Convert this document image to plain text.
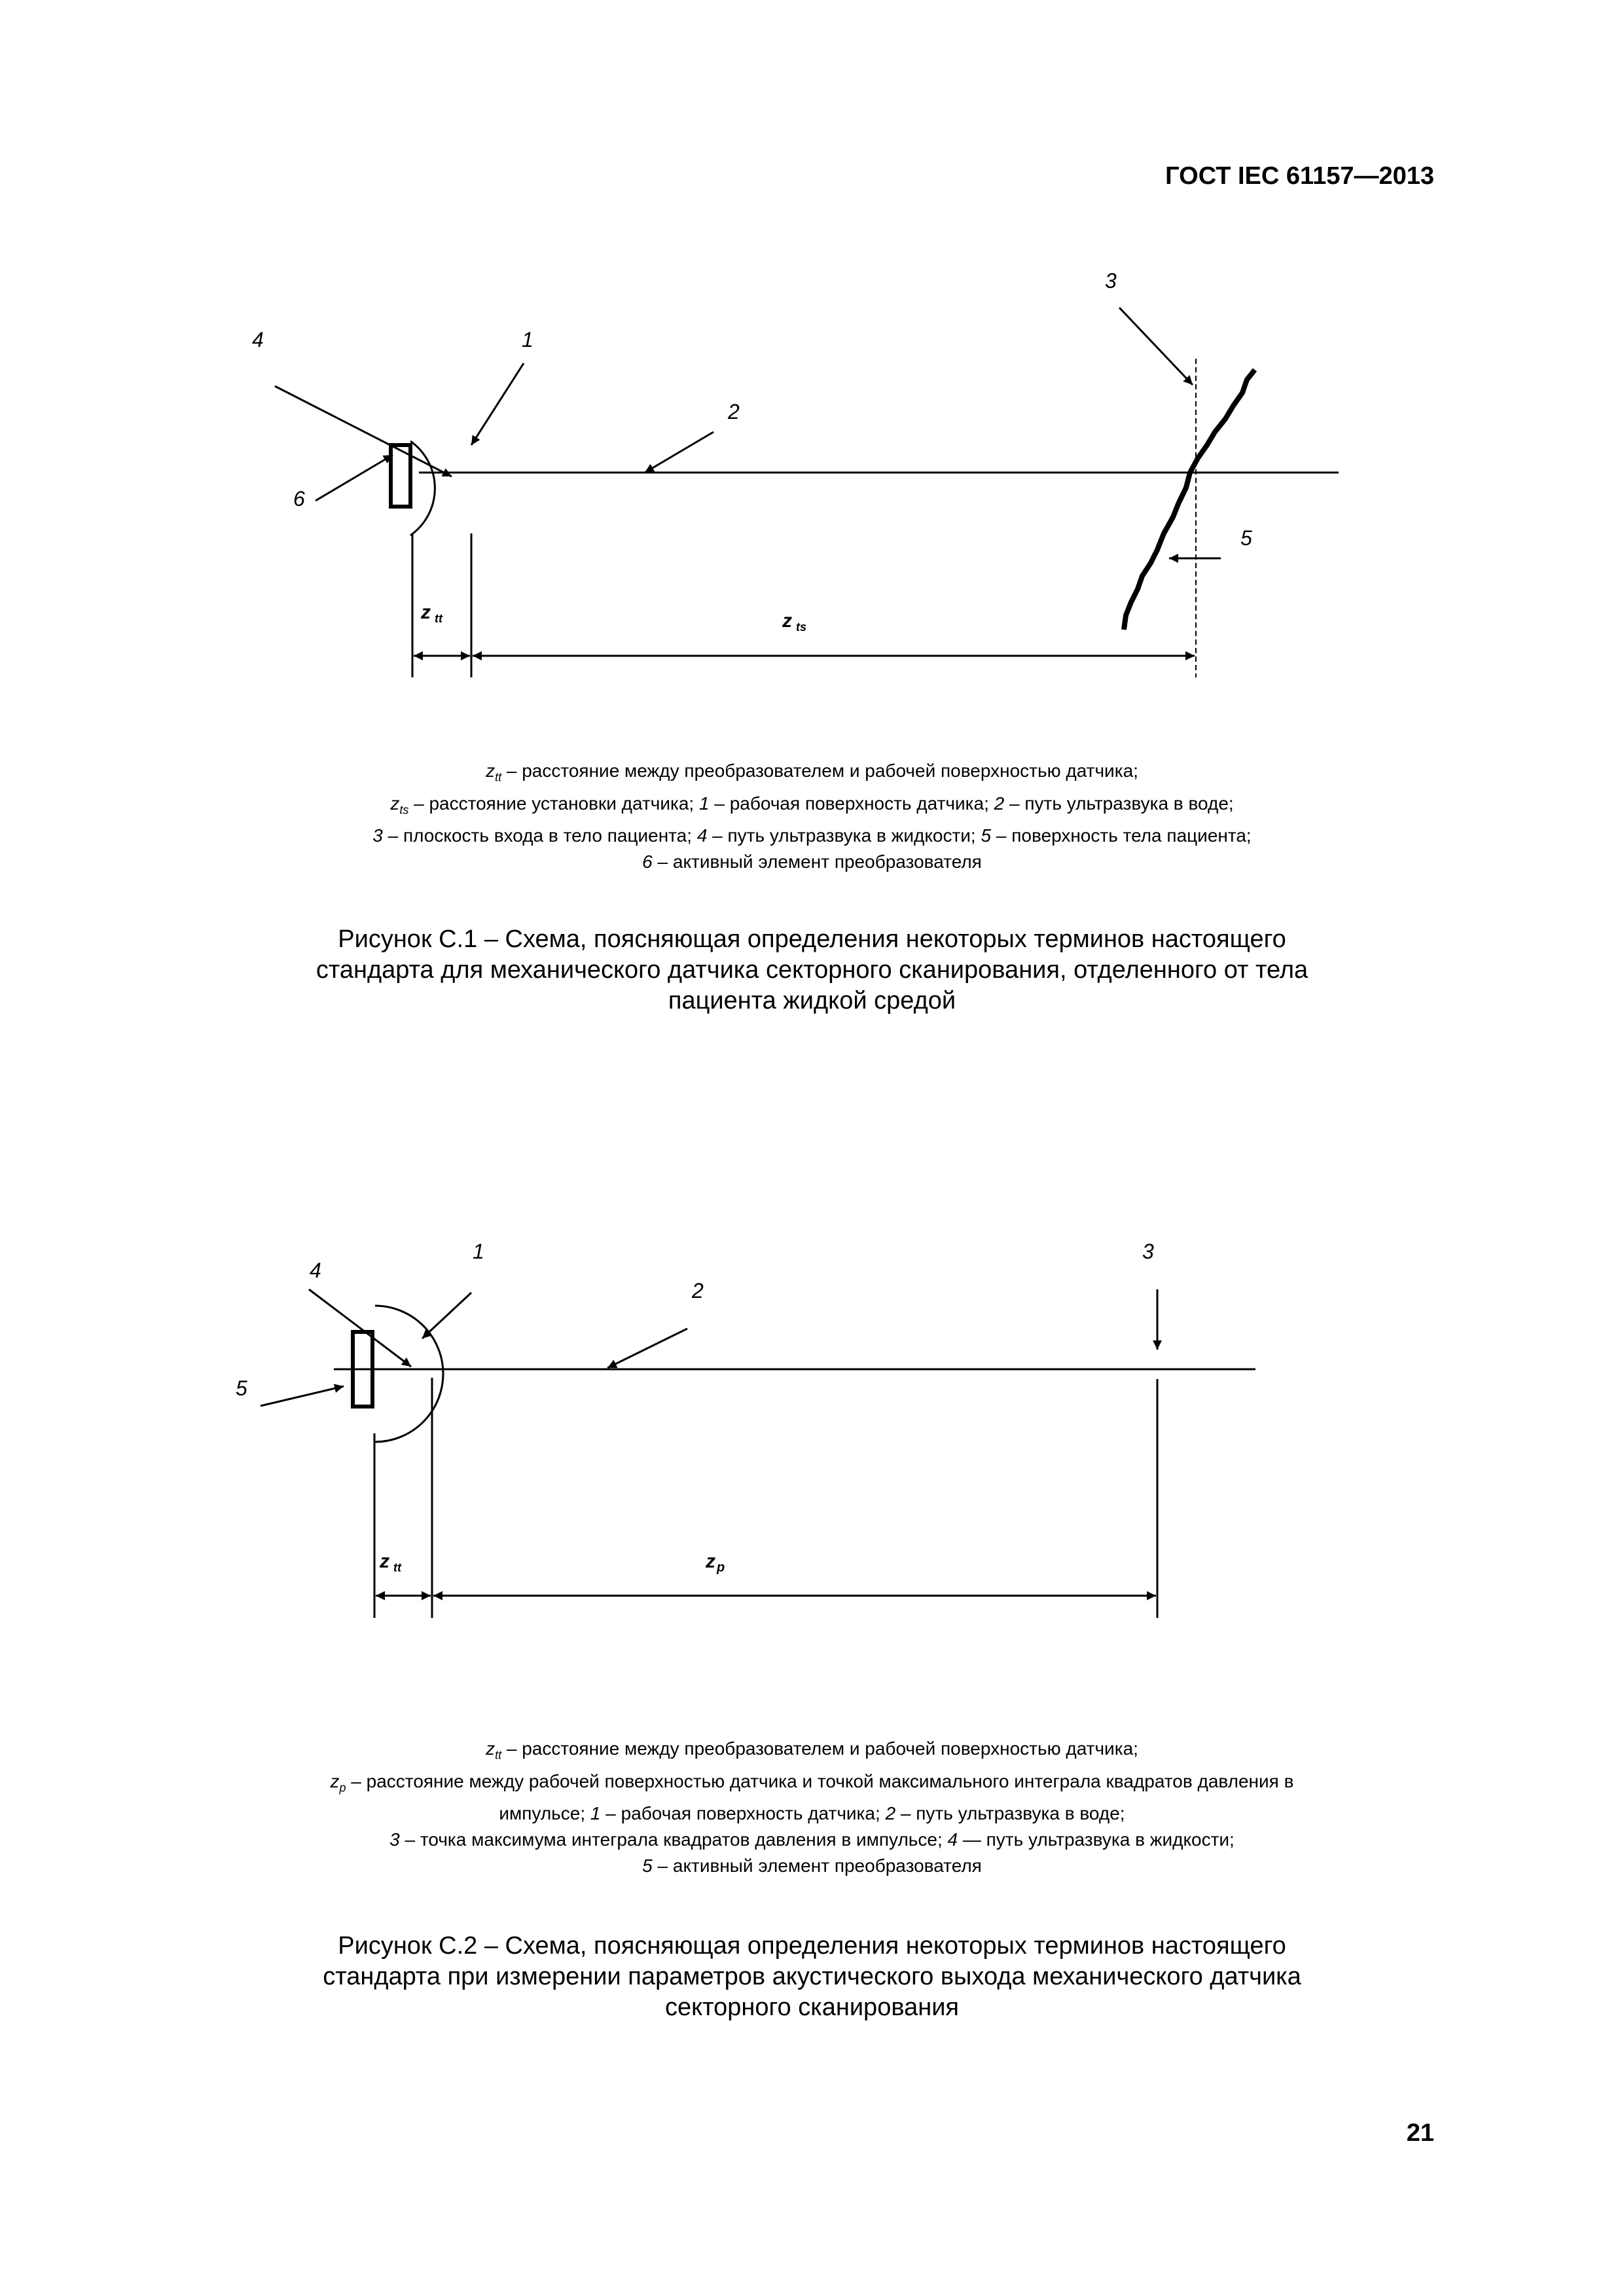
ГОСТ IEC 61157—2013
4	1
2
3
6
5
z $_{tt}$	z $_{ts}$
$z_{tt}$ – расстояние между преобразователем и рабочей поверхностью датчика;
$z_{ts}$ – расстояние установки датчика; 1 – рабочая поверхность датчика; 2 – путь ультразвука в воде;
3 – плоскость входа в тело пациента; 4 – путь ультразвука в жидкости; 5 – поверхность тела пациента;
6 – активный элемент преобразователя
Рисунок С.1 – Схема, поясняющая определения некоторых терминов настоящего
стандарта для механического датчика секторного сканирования, отделенного от тела
пациента жидкой средой
4
1
2
3
5
z $_{tt}$	z $_p$
$z_{tt}$ – расстояние между преобразователем и рабочей поверхностью датчика;
$z_p$ – расстояние между рабочей поверхностью датчика и точкой максимального интеграла квадратов давления в
импульсе; 1 – рабочая поверхность датчика; 2 – путь ультразвука в воде;
3 – точка максимума интеграла квадратов давления в импульсе; 4 — путь ультразвука в жидкости;
5 – активный элемент преобразователя
Рисунок С.2 – Схема, поясняющая определения некоторых терминов настоящего
стандарта при измерении параметров акустического выхода механического датчика
секторного сканирования
21
